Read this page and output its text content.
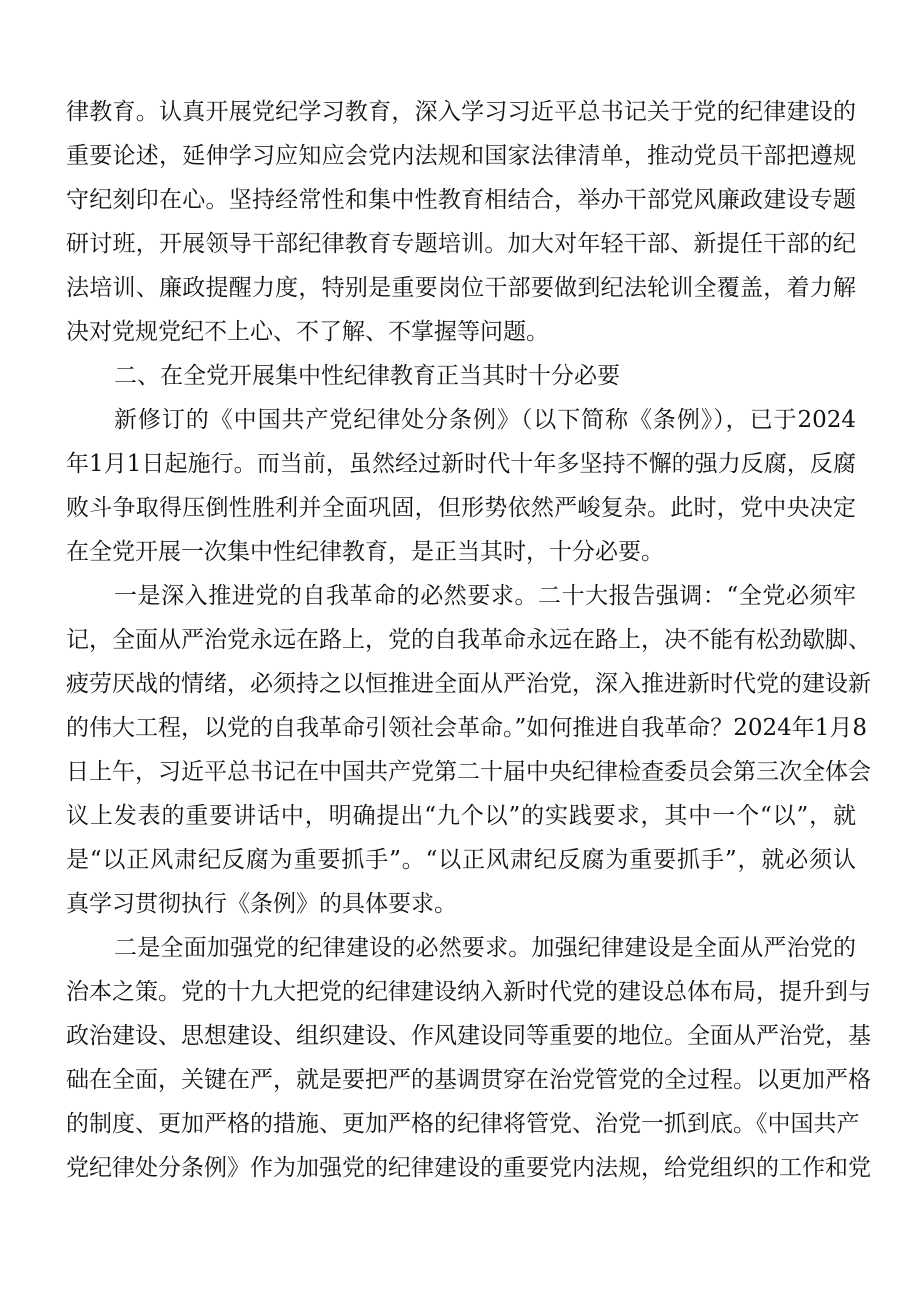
律教育。认真开展党纪学习教育，深入学习习近平总书记关于党的纪律建设的
重要论述，延伸学习应知应会党内法规和国家法律清单，推动党员干部把遵规
守纪刻印在心。坚持经常性和集中性教育相结合，举办干部党风廉政建设专题
研讨班，开展领导干部纪律教育专题培训。加大对年轻干部、新提任干部的纪
法培训、廉政提醒力度，特别是重要岗位干部要做到纪法轮训全覆盖，着力解
决对党规党纪不上心、不了解、不掌握等问题。
二、在全党开展集中性纪律教育正当其时十分必要
新修订的《中国共产党纪律处分条例》（以下简称《条例》），已于2024
年1月1日起施行。而当前，虽然经过新时代十年多坚持不懈的强力反腐，反腐
败斗争取得压倒性胜利并全面巩固，但形势依然严峻复杂。此时，党中央决定
在全党开展一次集中性纪律教育，是正当其时，十分必要。
一是深入推进党的自我革命的必然要求。二十大报告强调：“全党必须牢
记，全面从严治党永远在路上，党的自我革命永远在路上，决不能有松劲歇脚、
疲劳厌战的情绪，必须持之以恒推进全面从严治党，深入推进新时代党的建设新
的伟大工程，以党的自我革命引领社会革命。”如何推进自我革命？2024年1月8
日上午，习近平总书记在中国共产党第二十届中央纪律检查委员会第三次全体会
议上发表的重要讲话中，明确提出“九个以”的实践要求，其中一个“以”，就
是“以正风肃纪反腐为重要抓手”。“以正风肃纪反腐为重要抓手”，就必须认
真学习贯彻执行《条例》的具体要求。
二是全面加强党的纪律建设的必然要求。加强纪律建设是全面从严治党的
治本之策。党的十九大把党的纪律建设纳入新时代党的建设总体布局，提升到与
政治建设、思想建设、组织建设、作风建设同等重要的地位。全面从严治党，基
础在全面，关键在严，就是要把严的基调贯穿在治党管党的全过程。以更加严格
的制度、更加严格的措施、更加严格的纪律将管党、治党一抓到底。《中国共产
党纪律处分条例》作为加强党的纪律建设的重要党内法规，给党组织的工作和党
